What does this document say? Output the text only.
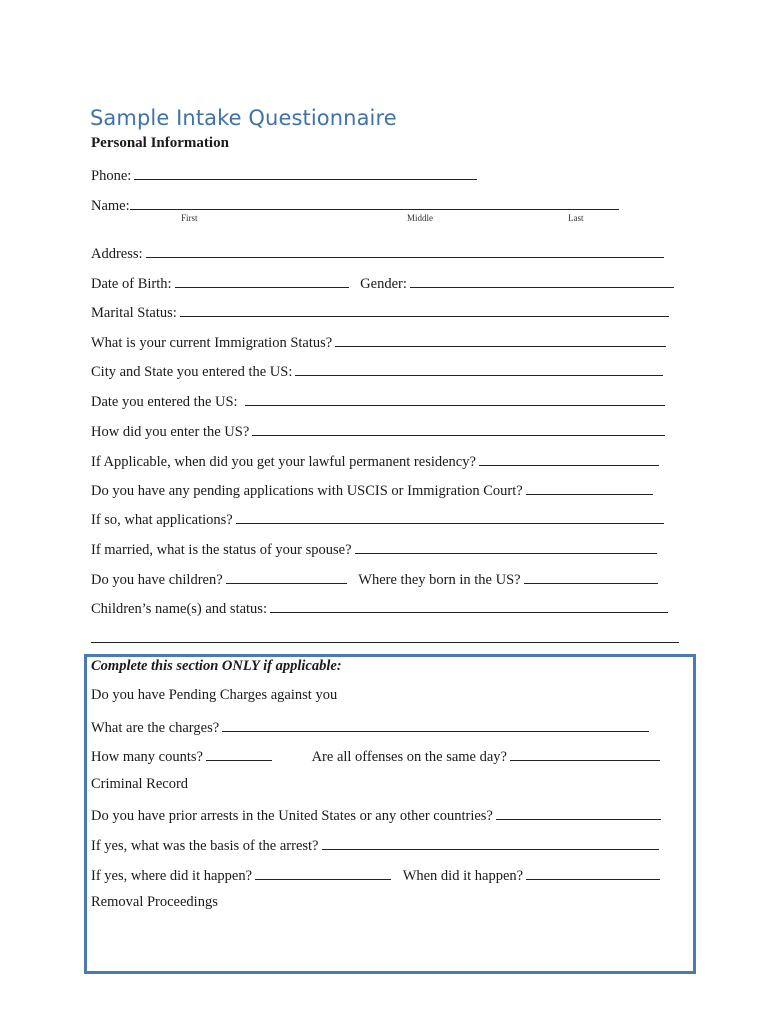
Sample Intake Questionnaire
Personal Information
Phone:
Name:
First	Middle	Last
Address:
Date of Birth:	Gender:
Marital Status:
What is your current Immigration Status?
City and State you entered the US:
Date you entered the US:
How did you enter the US?
If Applicable, when did you get your lawful permanent residency?
Do you have any pending applications with USCIS or Immigration Court?
If so, what applications?
If married, what is the status of your spouse?
Do you have children?	Where they born in the US?
Children’s name(s) and status:
Complete this section ONLY if applicable:
Do you have Pending Charges against you
What are the charges?
How many counts?	Are all offenses on the same day?
Criminal Record
Do you have prior arrests in the United States or any other countries?
If yes, what was the basis of the arrest?
If yes, where did it happen?	When did it happen?
Removal Proceedings
